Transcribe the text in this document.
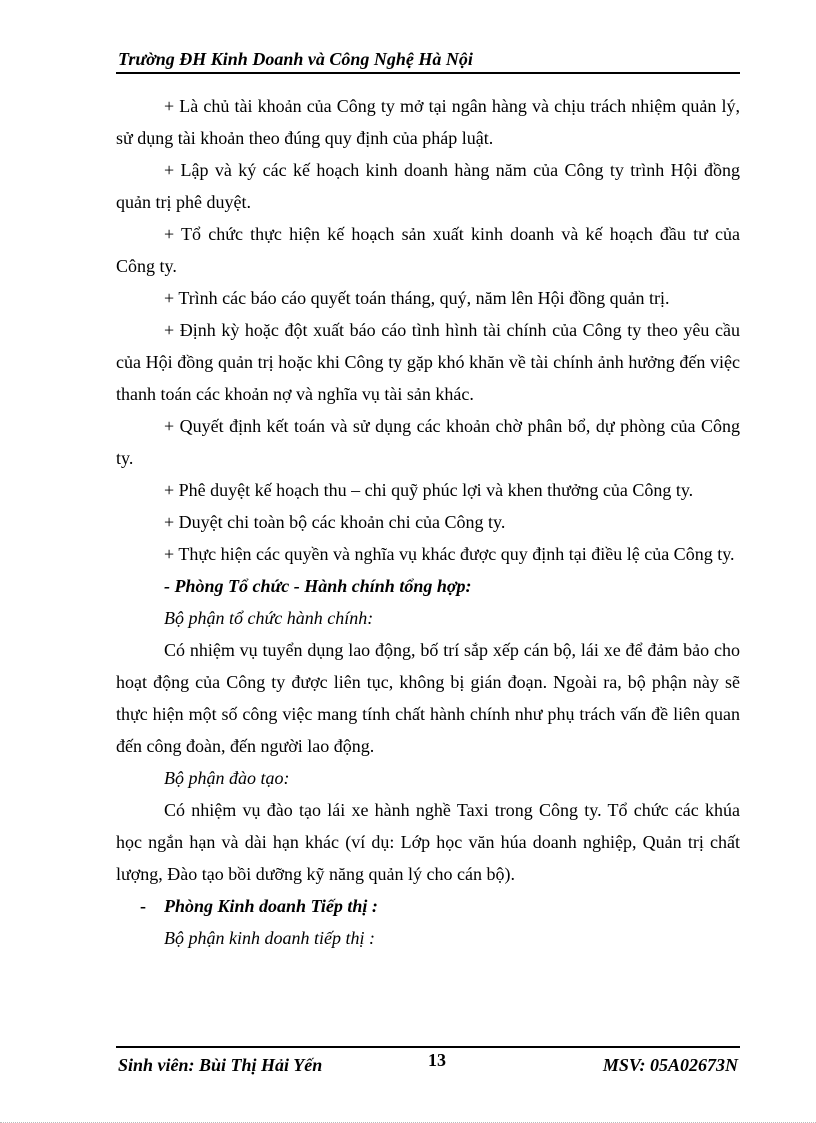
Trường ĐH Kinh Doanh và Công Nghệ Hà Nội

+ Là chủ tài khoản của Công ty mở tại ngân hàng và chịu trách nhiệm quản lý, sử dụng tài khoản theo đúng quy định của pháp luật.

+ Lập và ký các kế hoạch kinh doanh hàng năm của Công ty trình Hội đồng quản trị phê duyệt.

+ Tổ chức thực hiện kế hoạch sản xuất kinh doanh và kế hoạch đầu tư của Công ty.

+ Trình các báo cáo quyết toán tháng, quý, năm lên Hội đồng quản trị.

+ Định kỳ hoặc đột xuất báo cáo tình hình tài chính của Công ty theo yêu cầu của Hội đồng quản trị hoặc khi Công ty gặp khó khăn về tài chính ảnh hưởng đến việc thanh toán các khoản nợ và nghĩa vụ tài sản khác.

+ Quyết định kết toán và sử dụng các khoản chờ phân bổ, dự phòng của Công ty.

+ Phê duyệt kế hoạch thu – chi quỹ phúc lợi và khen thưởng của Công ty.

+ Duyệt chi toàn bộ các khoản chi của Công ty.

+ Thực hiện các quyền và nghĩa vụ khác được quy định tại điều lệ của Công ty.

- Phòng Tổ chức - Hành chính tổng hợp:

Bộ phận tổ chức hành chính:

Có nhiệm vụ tuyển dụng lao động, bố trí sắp xếp cán bộ, lái xe để đảm bảo cho hoạt động của Công ty được liên tục, không bị gián đoạn. Ngoài ra, bộ phận này sẽ thực hiện một số công việc mang tính chất hành chính như phụ trách vấn đề liên quan đến công đoàn, đến người lao động.

Bộ phận đào tạo:

Có nhiệm vụ đào tạo lái xe hành nghề Taxi trong Công ty. Tổ chức các khúa học ngắn hạn và dài hạn khác (ví dụ: Lớp học văn húa doanh nghiệp, Quản trị chất lượng, Đào tạo bồi dưỡng kỹ năng quản lý cho cán bộ).

- Phòng Kinh doanh Tiếp thị :

Bộ phận kinh doanh tiếp thị :

Sinh viên: Bùi Thị Hải Yến	13	MSV: 05A02673N
